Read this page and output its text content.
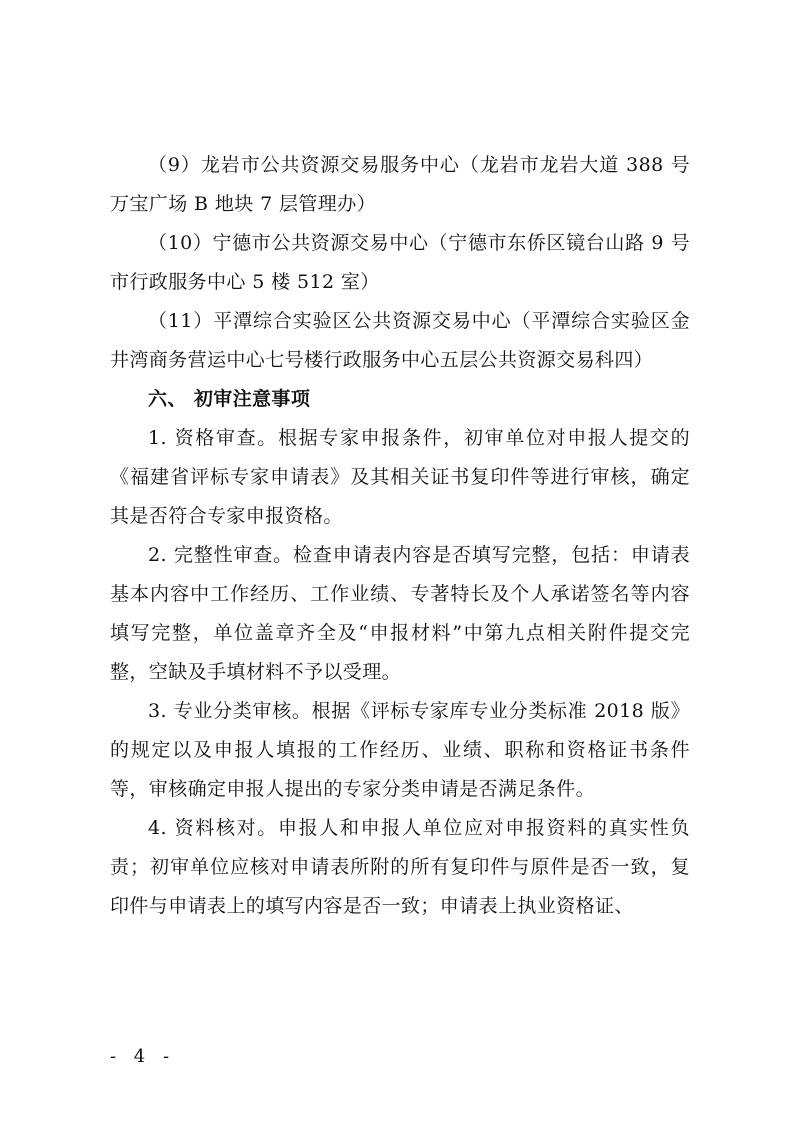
（9）龙岩市公共资源交易服务中心（龙岩市龙岩大道 388 号万宝广场 B 地块 7 层管理办）

（10）宁德市公共资源交易中心（宁德市东侨区镜台山路 9 号市行政服务中心 5 楼 512 室）

（11）平潭综合实验区公共资源交易中心（平潭综合实验区金井湾商务营运中心七号楼行政服务中心五层公共资源交易科四）

六、 初审注意事项

1. 资格审查。根据专家申报条件，初审单位对申报人提交的《福建省评标专家申请表》及其相关证书复印件等进行审核，确定其是否符合专家申报资格。

2. 完整性审查。检查申请表内容是否填写完整，包括：申请表基本内容中工作经历、工作业绩、专著特长及个人承诺签名等内容填写完整，单位盖章齐全及“申报材料”中第九点相关附件提交完整，空缺及手填材料不予以受理。

3. 专业分类审核。根据《评标专家库专业分类标准 2018 版》的规定以及申报人填报的工作经历、业绩、职称和资格证书条件等，审核确定申报人提出的专家分类申请是否满足条件。

4. 资料核对。申报人和申报人单位应对申报资料的真实性负责；初审单位应核对申请表所附的所有复印件与原件是否一致，复印件与申请表上的填写内容是否一致；申请表上执业资格证、

- 4 -
